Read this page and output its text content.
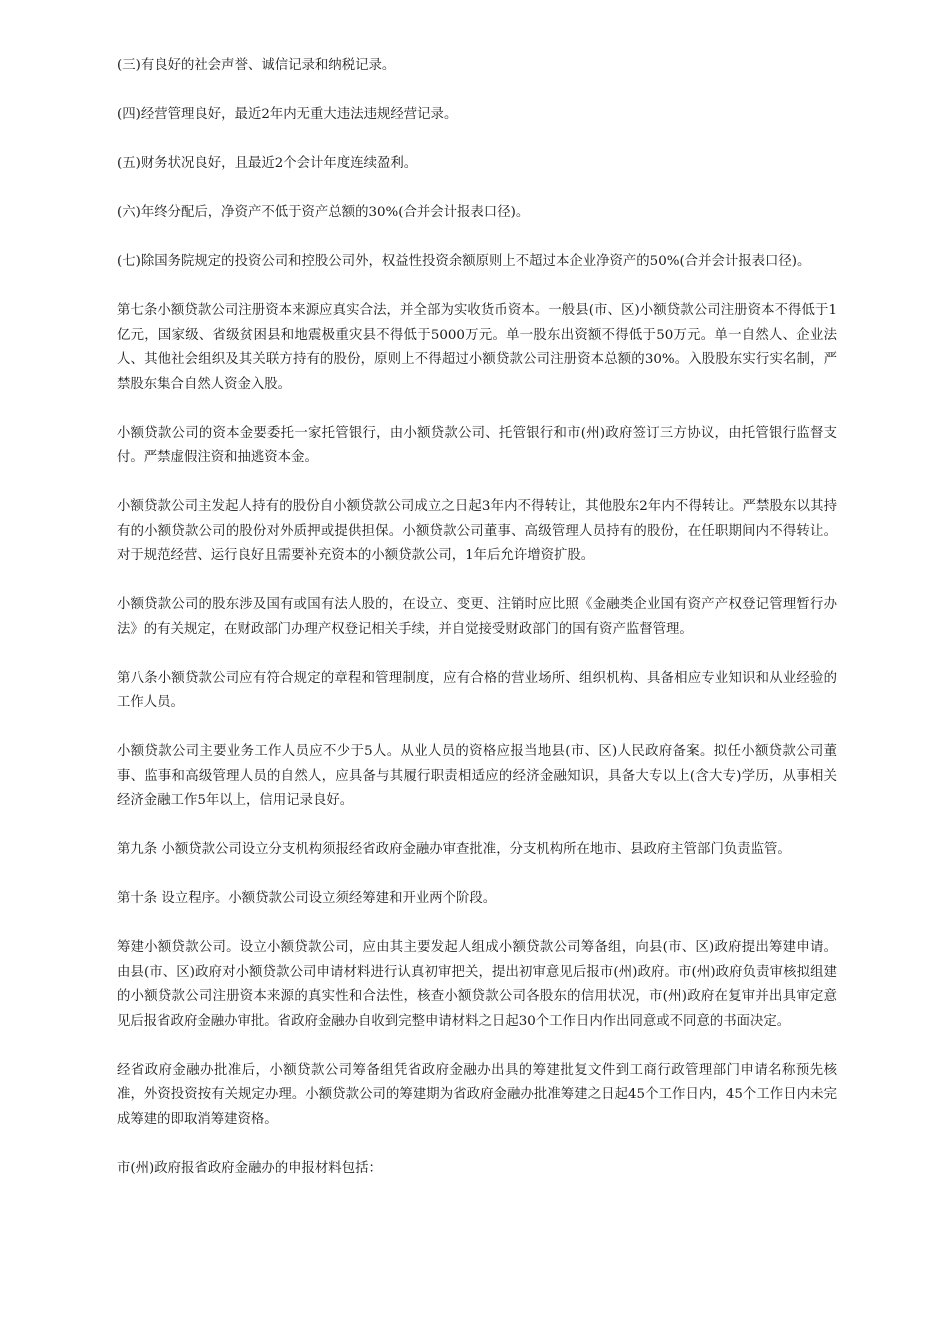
(三)有良好的社会声誉、诚信记录和纳税记录。

(四)经营管理良好，最近2年内无重大违法违规经营记录。

(五)财务状况良好，且最近2个会计年度连续盈利。

(六)年终分配后，净资产不低于资产总额的30%(合并会计报表口径)。

(七)除国务院规定的投资公司和控股公司外，权益性投资余额原则上不超过本企业净资产的50%(合并会计报表口径)。

第七条小额贷款公司注册资本来源应真实合法，并全部为实收货币资本。一般县(市、区)小额贷款公司注册资本不得低于1亿元，国家级、省级贫困县和地震极重灾县不得低于5000万元。单一股东出资额不得低于50万元。单一自然人、企业法人、其他社会组织及其关联方持有的股份，原则上不得超过小额贷款公司注册资本总额的30%。入股股东实行实名制，严禁股东集合自然人资金入股。

小额贷款公司的资本金要委托一家托管银行，由小额贷款公司、托管银行和市(州)政府签订三方协议，由托管银行监督支付。严禁虚假注资和抽逃资本金。

小额贷款公司主发起人持有的股份自小额贷款公司成立之日起3年内不得转让，其他股东2年内不得转让。严禁股东以其持有的小额贷款公司的股份对外质押或提供担保。小额贷款公司董事、高级管理人员持有的股份，在任职期间内不得转让。对于规范经营、运行良好且需要补充资本的小额贷款公司，1年后允许增资扩股。

小额贷款公司的股东涉及国有或国有法人股的，在设立、变更、注销时应比照《金融类企业国有资产产权登记管理暂行办法》的有关规定，在财政部门办理产权登记相关手续，并自觉接受财政部门的国有资产监督管理。

第八条小额贷款公司应有符合规定的章程和管理制度，应有合格的营业场所、组织机构、具备相应专业知识和从业经验的工作人员。

小额贷款公司主要业务工作人员应不少于5人。从业人员的资格应报当地县(市、区)人民政府备案。拟任小额贷款公司董事、监事和高级管理人员的自然人，应具备与其履行职责相适应的经济金融知识，具备大专以上(含大专)学历，从事相关经济金融工作5年以上，信用记录良好。

第九条 小额贷款公司设立分支机构须报经省政府金融办审查批准，分支机构所在地市、县政府主管部门负责监管。

第十条 设立程序。小额贷款公司设立须经筹建和开业两个阶段。

筹建小额贷款公司。设立小额贷款公司，应由其主要发起人组成小额贷款公司筹备组，向县(市、区)政府提出筹建申请。由县(市、区)政府对小额贷款公司申请材料进行认真初审把关，提出初审意见后报市(州)政府。市(州)政府负责审核拟组建的小额贷款公司注册资本来源的真实性和合法性，核查小额贷款公司各股东的信用状况，市(州)政府在复审并出具审定意见后报省政府金融办审批。省政府金融办自收到完整申请材料之日起30个工作日内作出同意或不同意的书面决定。

经省政府金融办批准后，小额贷款公司筹备组凭省政府金融办出具的筹建批复文件到工商行政管理部门申请名称预先核准，外资投资按有关规定办理。小额贷款公司的筹建期为省政府金融办批准筹建之日起45个工作日内，45个工作日内未完成筹建的即取消筹建资格。

市(州)政府报省政府金融办的申报材料包括：
